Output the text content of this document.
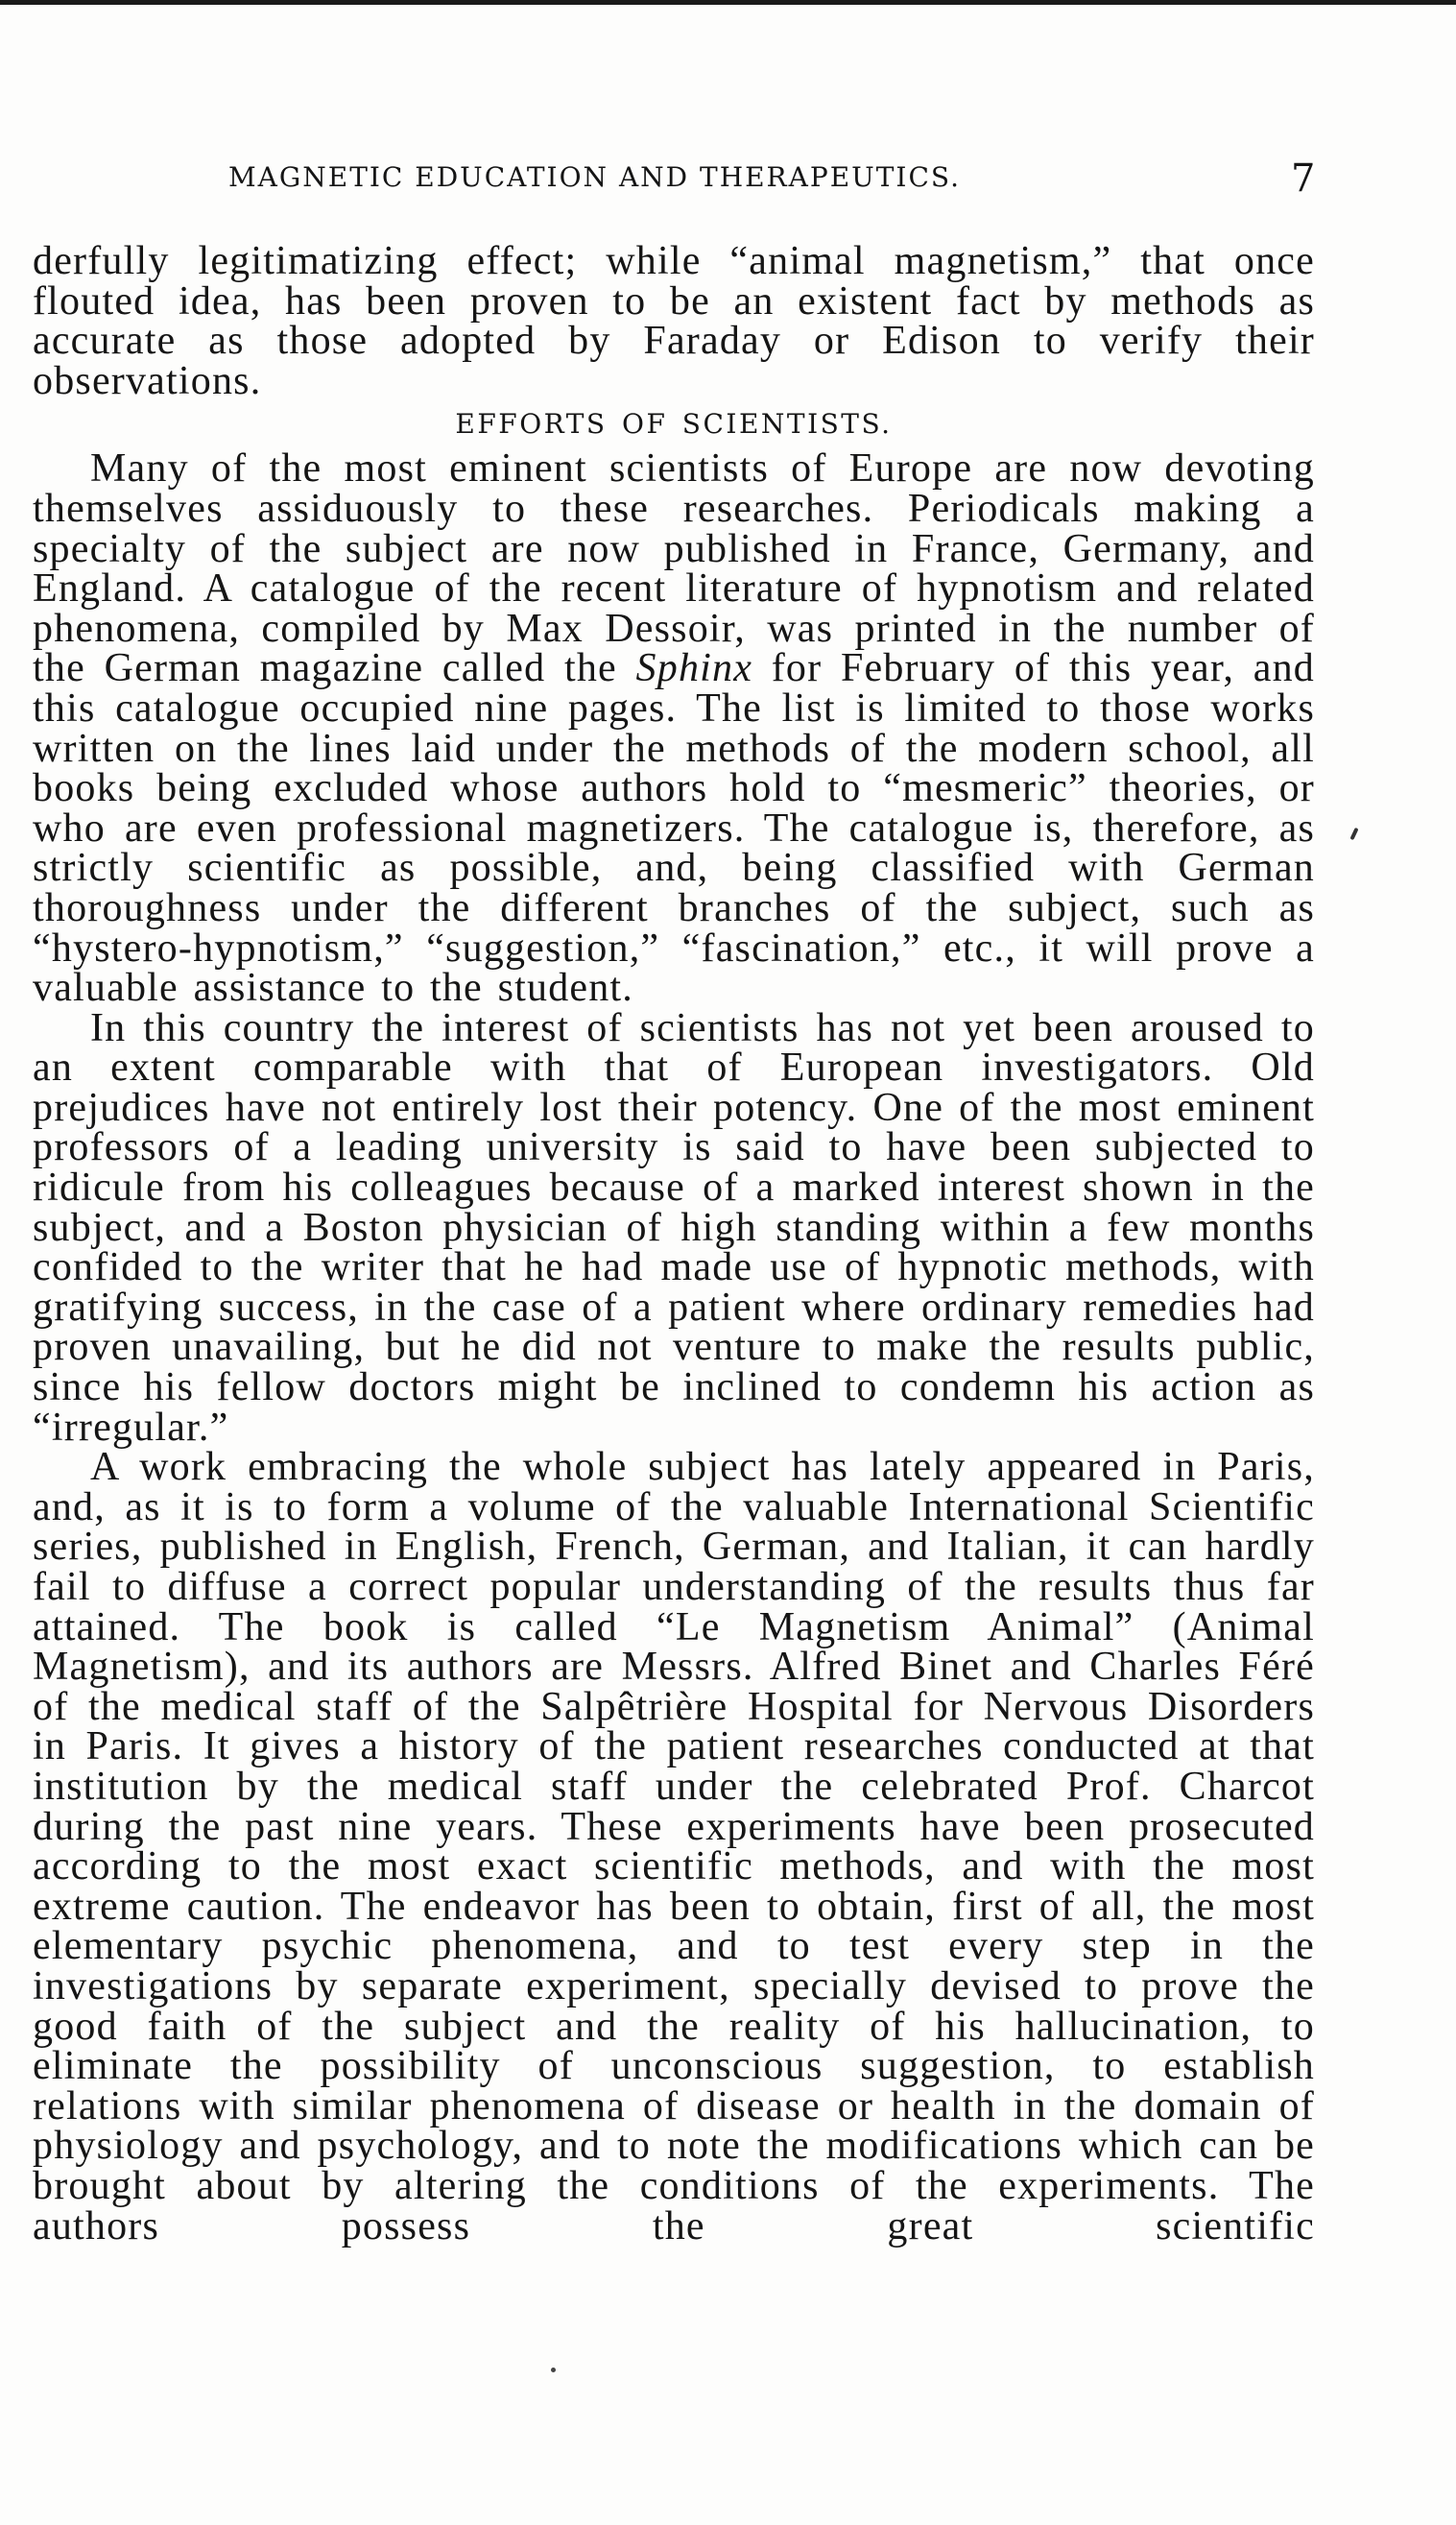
MAGNETIC EDUCATION AND THERAPEUTICS.	7

derfully legitimatizing effect; while “animal magnetism,” that once flouted idea, has been proven to be an existent fact by methods as accurate as those adopted by Faraday or Edison to verify their observations.

EFFORTS OF SCIENTISTS.

Many of the most eminent scientists of Europe are now devoting themselves assiduously to these researches. Periodicals making a specialty of the subject are now published in France, Germany, and England. A catalogue of the recent literature of hypnotism and related phenomena, compiled by Max Dessoir, was printed in the number of the German magazine called the Sphinx for February of this year, and this catalogue occupied nine pages. The list is limited to those works written on the lines laid under the methods of the modern school, all books being excluded whose authors hold to “mesmeric” theories, or who are even professional magnetizers. The catalogue is, therefore, as strictly scientific as possible, and, being classified with German thoroughness under the different branches of the subject, such as “hystero-hypnotism,” “suggestion,” “fascination,” etc., it will prove a valuable assistance to the student.

In this country the interest of scientists has not yet been aroused to an extent comparable with that of European investigators. Old prejudices have not entirely lost their potency. One of the most eminent professors of a leading university is said to have been subjected to ridicule from his colleagues because of a marked interest shown in the subject, and a Boston physician of high standing within a few months confided to the writer that he had made use of hypnotic methods, with gratifying success, in the case of a patient where ordinary remedies had proven unavailing, but he did not venture to make the results public, since his fellow doctors might be inclined to condemn his action as “irregular.”

A work embracing the whole subject has lately appeared in Paris, and, as it is to form a volume of the valuable International Scientific series, published in English, French, German, and Italian, it can hardly fail to diffuse a correct popular understanding of the results thus far attained. The book is called “Le Magnetism Animal” (Animal Magnetism), and its authors are Messrs. Alfred Binet and Charles Féré of the medical staff of the Salpêtrière Hospital for Nervous Disorders in Paris. It gives a history of the patient researches conducted at that institution by the medical staff under the celebrated Prof. Charcot during the past nine years. These experiments have been prosecuted according to the most exact scientific methods, and with the most extreme caution. The endeavor has been to obtain, first of all, the most elementary psychic phenomena, and to test every step in the investigations by separate experiment, specially devised to prove the good faith of the subject and the reality of his hallucination, to eliminate the possibility of unconscious suggestion, to establish relations with similar phenomena of disease or health in the domain of physiology and psychology, and to note the modifications which can be brought about by altering the conditions of the experiments. The authors possess the great scientific
